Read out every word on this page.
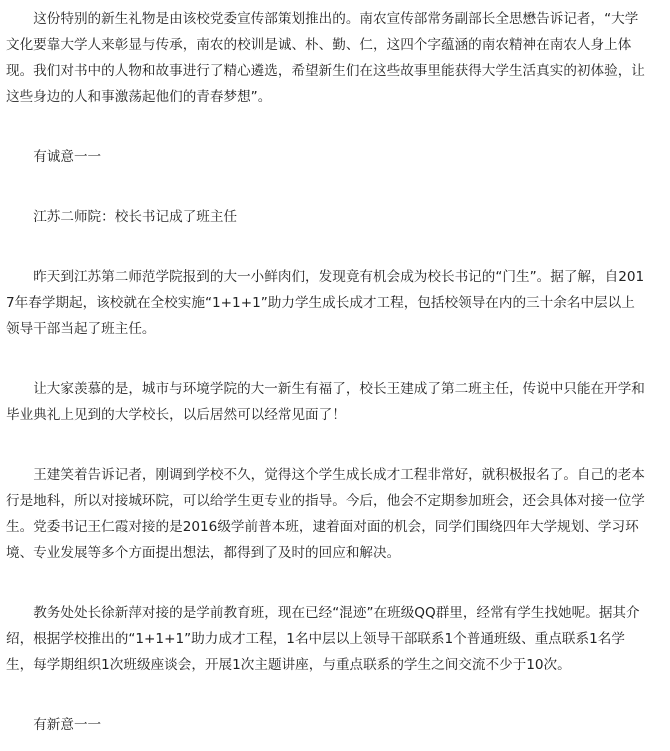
这份特别的新生礼物是由该校党委宣传部策划推出的。南农宣传部常务副部长全思懋告诉记者，“大学文化要靠大学人来彰显与传承，南农的校训是诚、朴、勤、仁，这四个字蕴涵的南农精神在南农人身上体现。我们对书中的人物和故事进行了精心遴选，希望新生们在这些故事里能获得大学生活真实的初体验，让这些身边的人和事激荡起他们的青春梦想”。

有诚意一一

江苏二师院：校长书记成了班主任

昨天到江苏第二师范学院报到的大一小鲜肉们，发现竟有机会成为校长书记的“门生”。据了解，自2017年春学期起，该校就在全校实施“1+1+1”助力学生成长成才工程，包括校领导在内的三十余名中层以上领导干部当起了班主任。

让大家羡慕的是，城市与环境学院的大一新生有福了，校长王建成了第二班主任，传说中只能在开学和毕业典礼上见到的大学校长，以后居然可以经常见面了！

王建笑着告诉记者，刚调到学校不久，觉得这个学生成长成才工程非常好，就积极报名了。自己的老本行是地科，所以对接城环院，可以给学生更专业的指导。今后，他会不定期参加班会，还会具体对接一位学生。党委书记王仁霞对接的是2016级学前普本班，逮着面对面的机会，同学们围绕四年大学规划、学习环境、专业发展等多个方面提出想法，都得到了及时的回应和解决。

教务处处长徐新萍对接的是学前教育班，现在已经“混迹”在班级QQ群里，经常有学生找她呢。据其介绍，根据学校推出的“1+1+1”助力成才工程，1名中层以上领导干部联系1个普通班级、重点联系1名学生，每学期组织1次班级座谈会，开展1次主题讲座，与重点联系的学生之间交流不少于10次。

有新意一一
